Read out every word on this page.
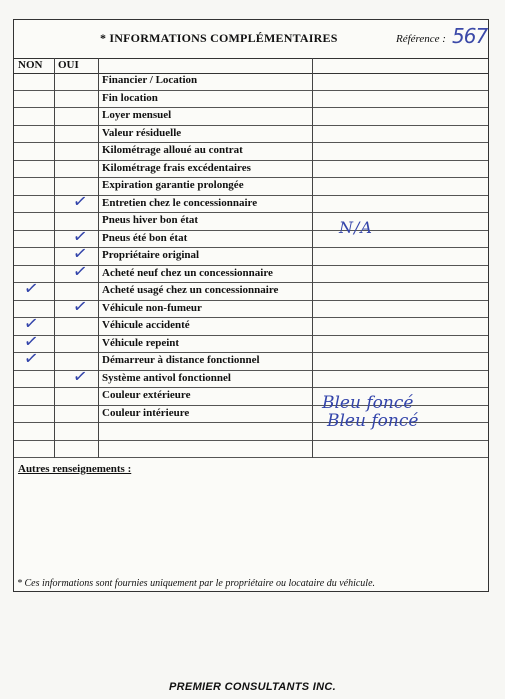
* INFORMATIONS COMPLÉMENTAIRES	Référence : 567
NON OUI
Financier / Location
Fin location
Loyer mensuel
Valeur résiduelle
Kilométrage alloué au contrat
Kilométrage frais excédentaires
Expiration garantie prolongée
Entretien chez le concessionnaire
✓
Pneus hiver bon état
Pneus été bon état
✓
Propriétaire original
✓
Acheté neuf chez un concessionnaire
✓
Acheté usagé chez un concessionnaire
✓
Véhicule non-fumeur
✓
Véhicule accidenté
✓
Véhicule repeint
✓
Démarreur à distance fonctionnel
✓
Système antivol fonctionnel
✓
Couleur extérieure
Couleur intérieure
N/A
Bleu foncé
Bleu foncé
Autres renseignements :
* Ces informations sont fournies uniquement par le propriétaire ou locataire du véhicule.
PREMIER CONSULTANTS INC.
